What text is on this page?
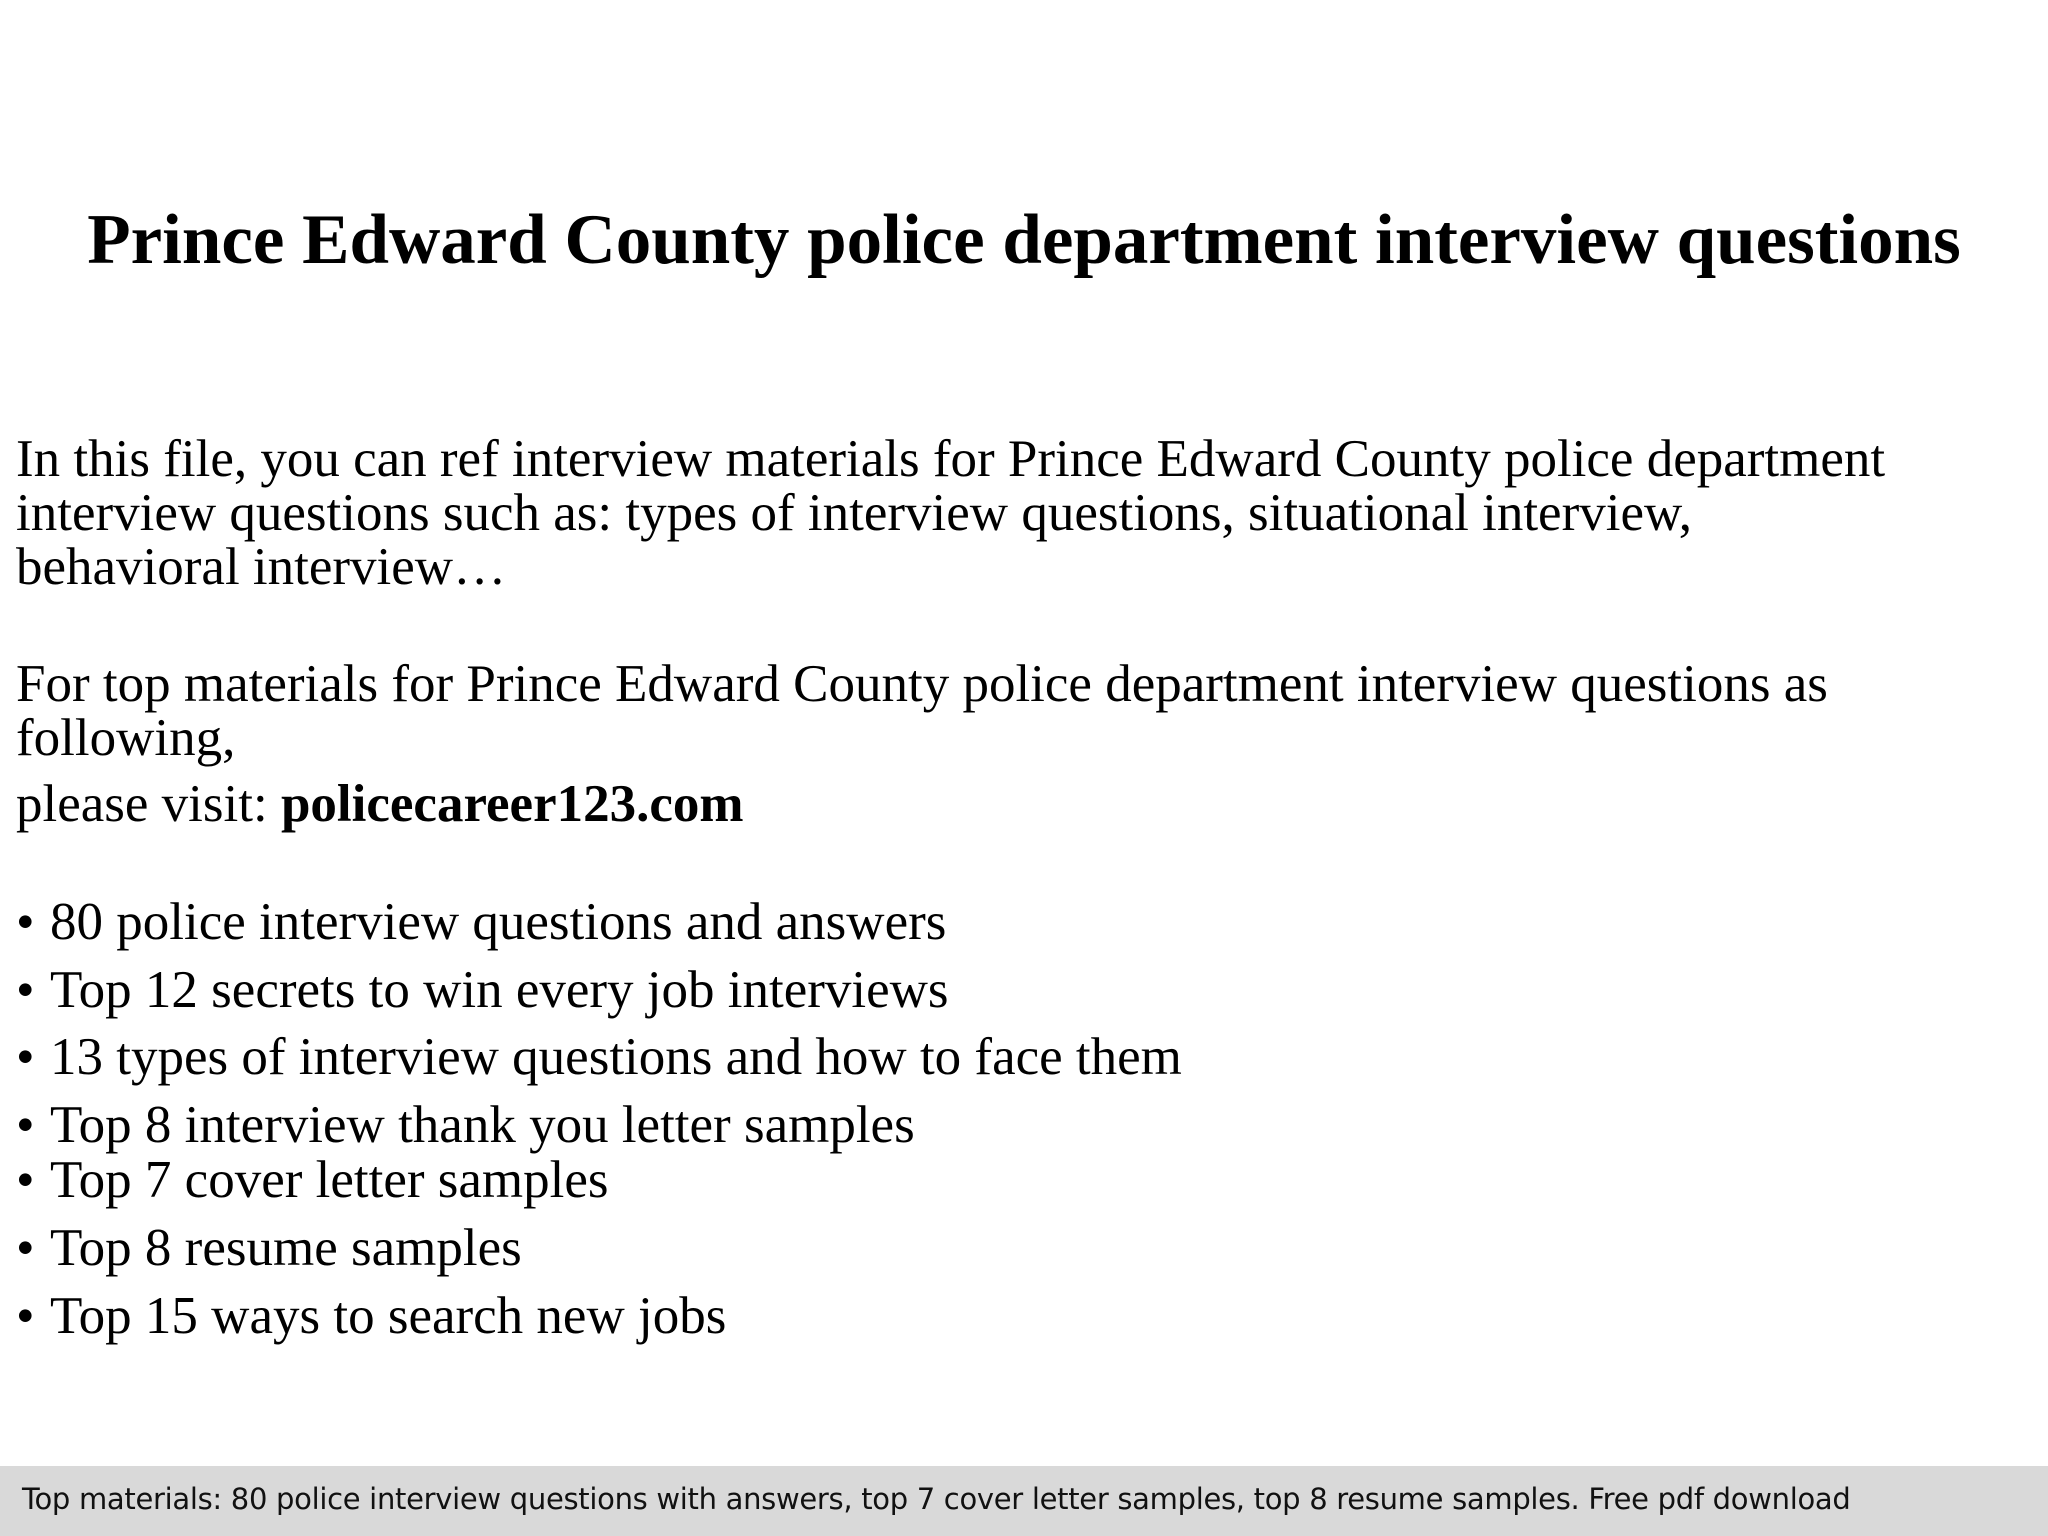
Prince Edward County police department interview questions
In this file, you can ref interview materials for Prince Edward County police department
interview questions such as: types of interview questions, situational interview,
behavioral interview…
For top materials for Prince Edward County police department interview questions as
following,
please visit: policecareer123.com
• 80 police interview questions and answers
• Top 12 secrets to win every job interviews
• 13 types of interview questions and how to face them
• Top 8 interview thank you letter samples
• Top 7 cover letter samples
• Top 8 resume samples
• Top 15 ways to search new jobs
Top materials: 80 police interview questions with answers, top 7 cover letter samples, top 8 resume samples. Free pdf download
